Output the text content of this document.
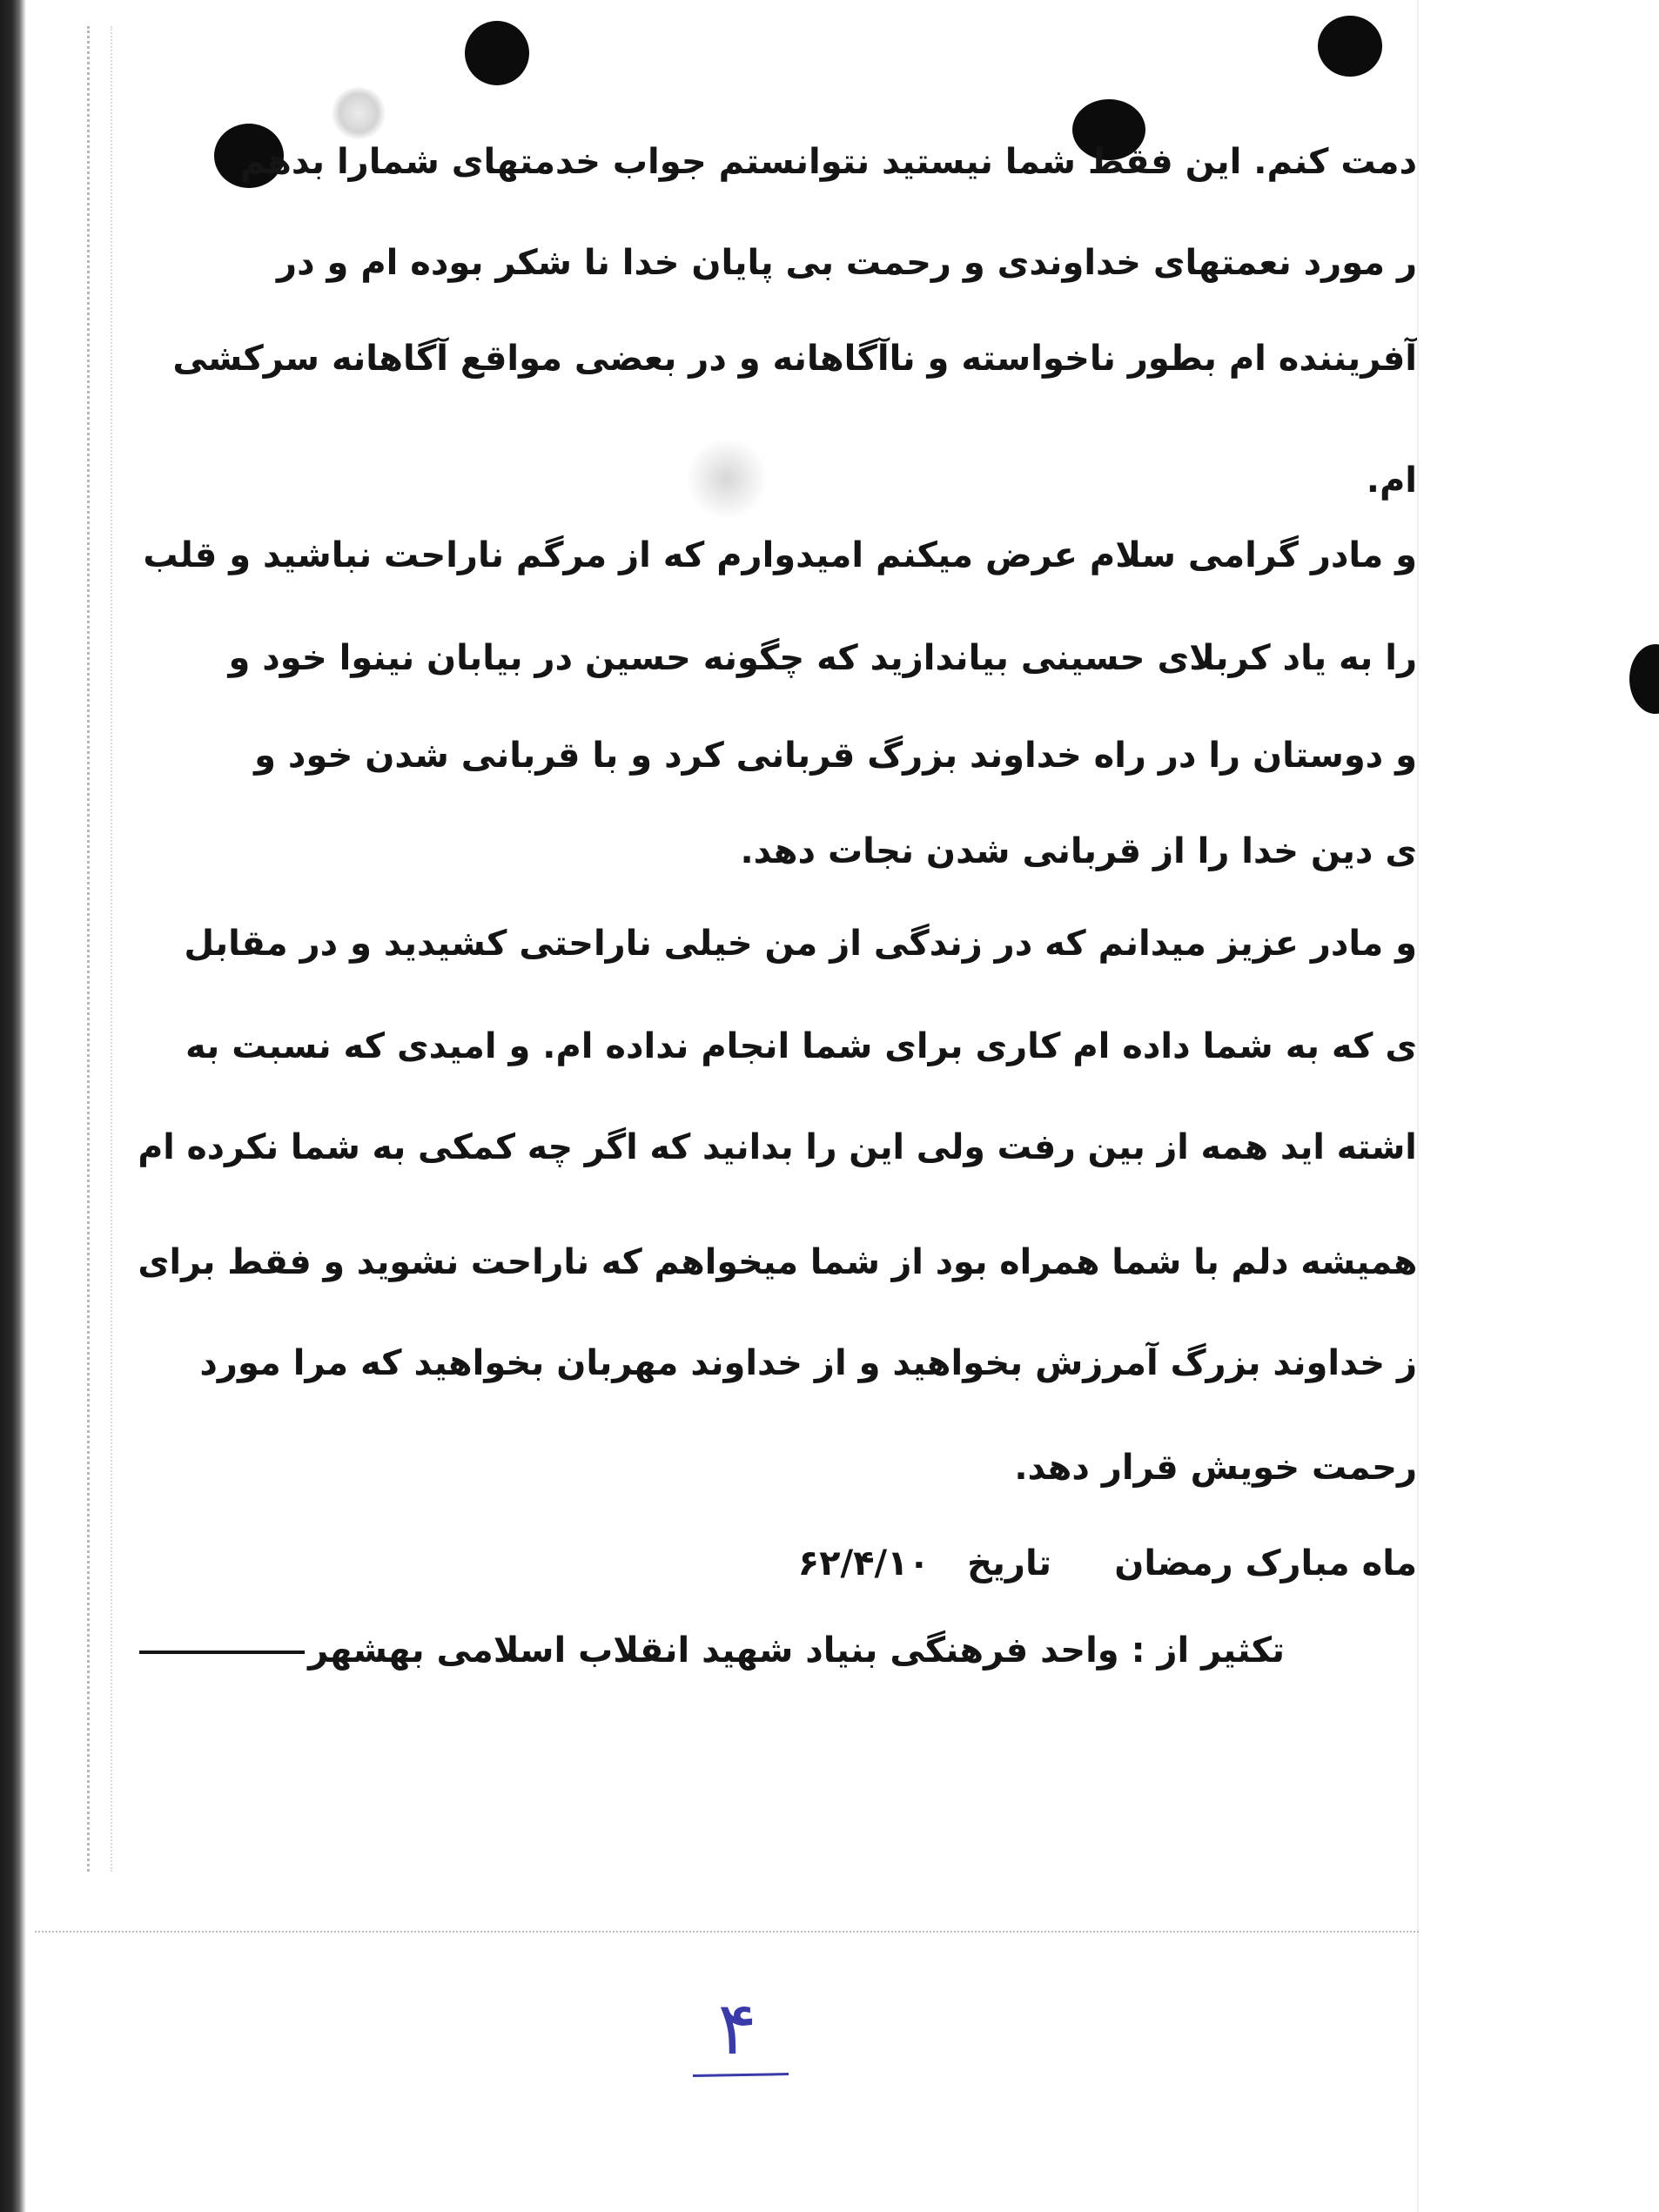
دمت کنم. این فقط شما نیستید نتوانستم جواب خدمتهای شمارا بدهم
ر مورد نعمتهای خداوندی و رحمت بی پایان خدا نا شکر بوده ام و در
آفریننده ام بطور ناخواسته و ناآگاهانه و در بعضی مواقع آگاهانه سرکشی
ام.
و مادر گرامی سلام عرض میکنم امیدوارم که از مرگم ناراحت نباشید و قلب
را به یاد کربلای حسینی بیاندازید که چگونه حسین در بیابان نینوا خود و
و دوستان را در راه خداوند بزرگ قربانی کرد و با قربانی شدن خود و
ی دین خدا را از قربانی شدن نجات دهد.
و مادر عزیز میدانم که در زندگی از من خیلی ناراحتی کشیدید و در مقابل
ی که به شما داده ام کاری برای شما انجام نداده ام. و امیدی که نسبت به
اشته اید همه از بین رفت ولی این را بدانید که اگر چه کمکی به شما نکرده ام
همیشه دلم با شما همراه بود از شما میخواهم که ناراحت نشوید و فقط برای
ز خداوند بزرگ آمرزش بخواهید و از خداوند مهربان بخواهید که مرا مورد
رحمت خویش قرار دهد.
ماه مبارک رمضان
تاریخ
۶۲/۴/۱۰
تکثیر از : واحد فرهنگی بنیاد شهید انقلاب اسلامی بهشهر
۴
